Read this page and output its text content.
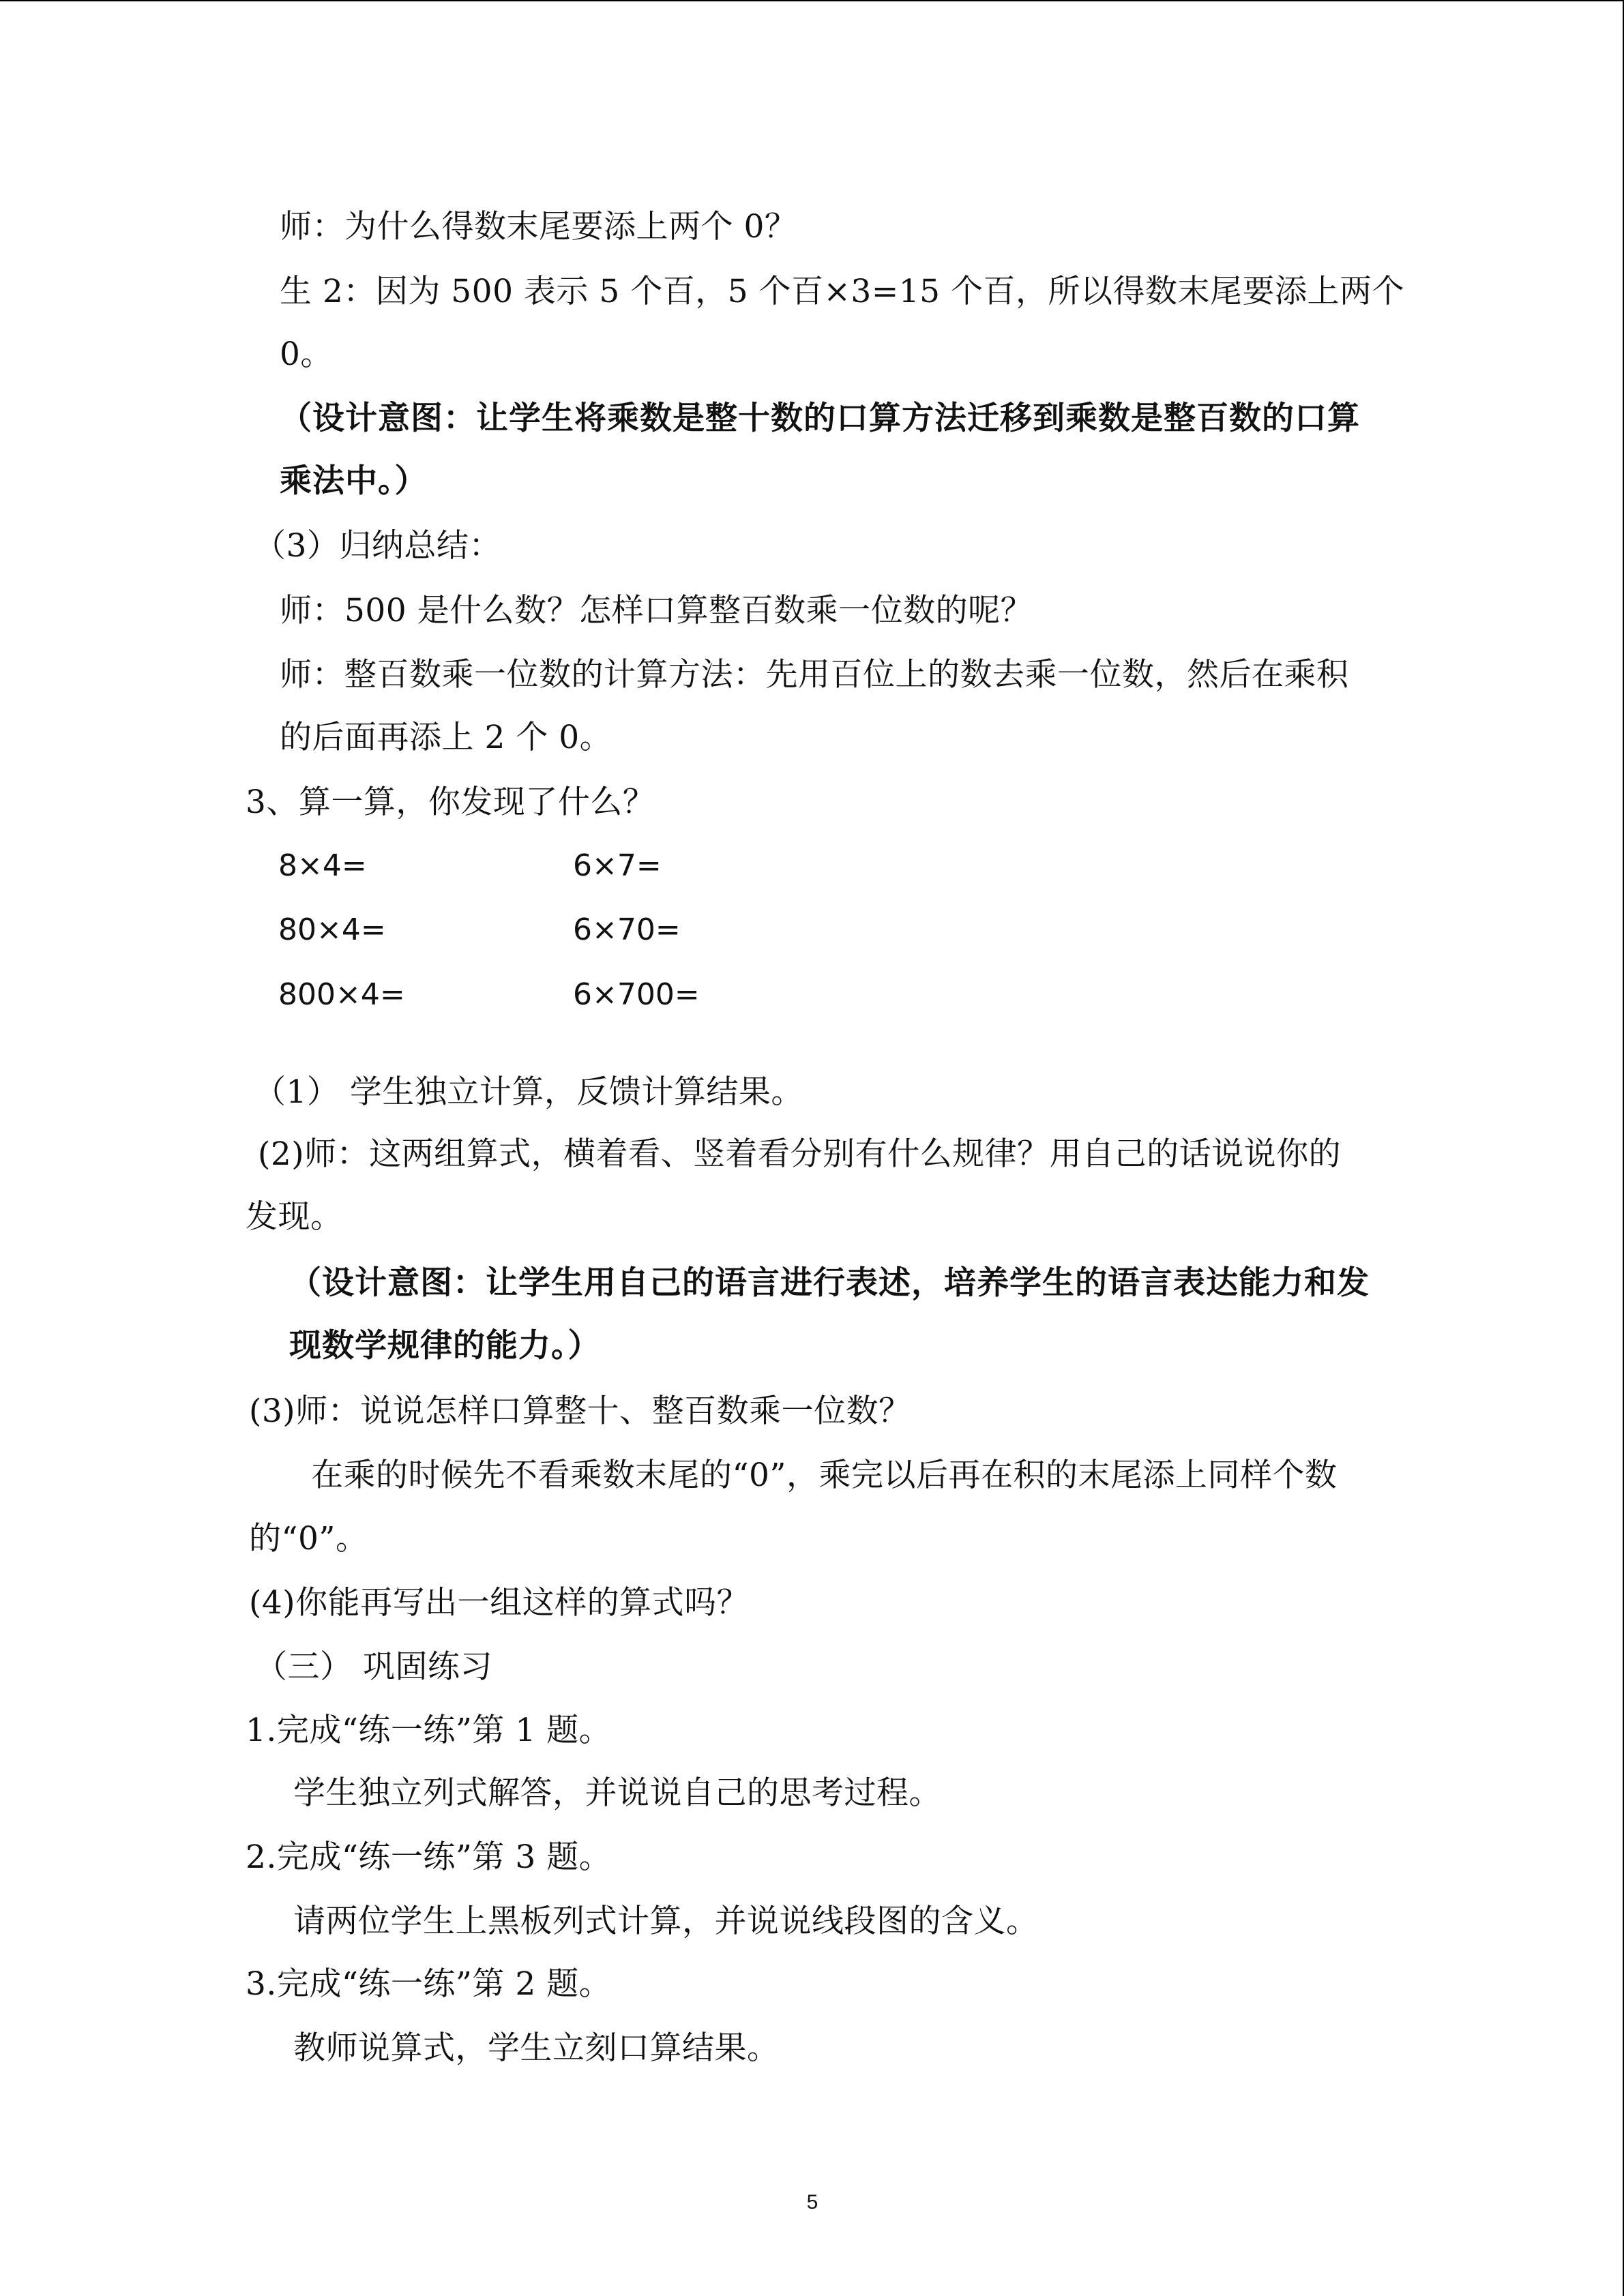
师：为什么得数末尾要添上两个 0？
生 2：因为 500 表示 5 个百，5 个百×3=15 个百，所以得数末尾要添上两个
0。
（设计意图：让学生将乘数是整十数的口算方法迁移到乘数是整百数的口算
乘法中。）
（3）归纳总结：
师：500 是什么数？怎样口算整百数乘一位数的呢？
师：整百数乘一位数的计算方法：先用百位上的数去乘一位数，然后在乘积
的后面再添上 2 个 0。
3、算一算，你发现了什么？
8×4=	6×7=
80×4=	6×70=
800×4=	6×700=
（1） 学生独立计算，反馈计算结果。
(2)师：这两组算式，横着看、竖着看分别有什么规律？用自己的话说说你的
发现。
（设计意图：让学生用自己的语言进行表述，培养学生的语言表达能力和发
现数学规律的能力。）
(3)师：说说怎样口算整十、整百数乘一位数？
在乘的时候先不看乘数末尾的“0”，乘完以后再在积的末尾添上同样个数
的“0”。
(4)你能再写出一组这样的算式吗？
（三） 巩固练习
1.完成“练一练”第 1 题。
学生独立列式解答，并说说自己的思考过程。
2.完成“练一练”第 3 题。
请两位学生上黑板列式计算，并说说线段图的含义。
3.完成“练一练”第 2 题。
教师说算式，学生立刻口算结果。
5
